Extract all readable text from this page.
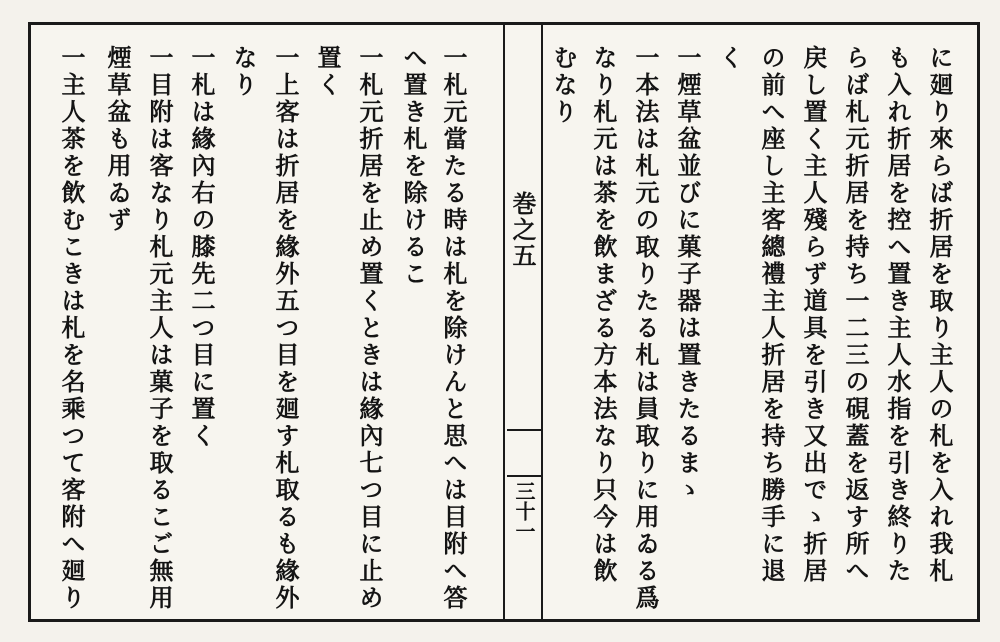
巻之五
三十一	に廻り來らば折居を取り主人の札を入れ我札
も入れ折居を控へ置き主人水指を引き終りた
らば札元折居を持ち一二三の硯蓋を返す所へ
戻し置く主人殘らず道具を引き又出でゝ折居
の前へ座し主客總禮主人折居を持ち勝手に退
く
一煙草盆並びに菓子器は置きたるまゝ
一本法は札元の取りたる札は員取りに用ゐる爲
なり札元は茶を飲まざる方本法なり只今は飲
むなり
一札元當たる時は札を除けんと思へは目附へ答
へ置き札を除けるこ
一札元折居を止め置くときは緣內七つ目に止め
置く
一上客は折居を緣外五つ目を廻す札取るも緣外
なり
一札は緣內右の膝先二つ目に置く
一目附は客なり札元主人は菓子を取るこご無用
煙草盆も用ゐず
一主人茶を飲むこきは札を名乘つて客附へ廻り
